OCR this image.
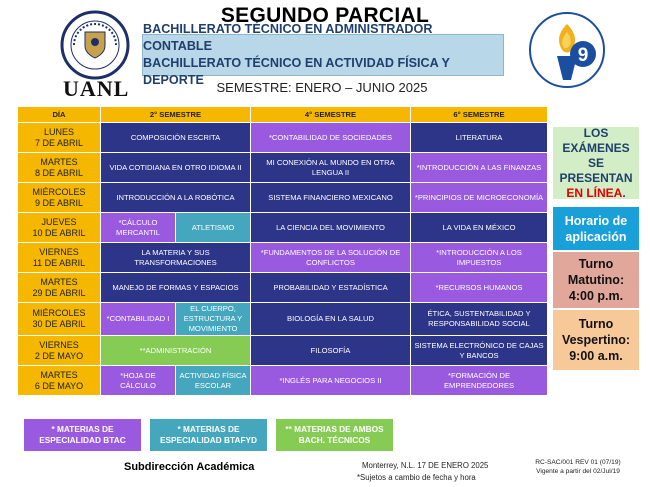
UANL
9
SEGUNDO PARCIAL
BACHILLERATO TÉCNICO EN ADMINISTRADOR CONTABLE
BACHILLERATO TÉCNICO EN ACTIVIDAD FÍSICA Y DEPORTE SEMESTRE: ENERO – JUNIO 2025
DÍA	2° SEMESTRE		4° SEMESTRE	6° SEMESTRE

LUNES
7 DE ABRIL	COMPOSICIÓN ESCRITA		*CONTABILIDAD DE SOCIEDADES	LITERATURA

MARTES
8 DE ABRIL	VIDA COTIDIANA EN OTRO IDIOMA II		MI CONEXIÓN AL MUNDO EN OTRA LENGUA II	*INTRODUCCIÓN A LAS FINANZAS

MIÉRCOLES
9 DE ABRIL	INTRODUCCIÓN A LA ROBÓTICA		SISTEMA FINANCIERO MEXICANO	*PRINCIPIOS DE MICROECONOMÍA

JUEVES
10 DE ABRIL	*CÁLCULO MERCANTIL	ATLETISMO	LA CIENCIA DEL MOVIMIENTO	LA VIDA EN MÉXICO

VIERNES
11 DE ABRIL	LA MATERIA Y SUS TRANSFORMACIONES		*FUNDAMENTOS DE LA SOLUCIÓN DE CONFLICTOS	*INTRODUCCIÓN A LOS IMPUESTOS

MARTES
29 DE ABRIL	MANEJO DE FORMAS Y ESPACIOS		PROBABILIDAD Y ESTADÍSTICA	*RECURSOS HUMANOS

MIÉRCOLES
30 DE ABRIL	*CONTABILIDAD I	EL CUERPO, ESTRUCTURA Y MOVIMIENTO	BIOLOGÍA EN LA SALUD	ÉTICA, SUSTENTABILIDAD Y RESPONSABILIDAD SOCIAL

VIERNES
2 DE MAYO	**ADMINISTRACIÓN		FILOSOFÍA	SISTEMA ELECTRÓNICO DE CAJAS Y BANCOS

MARTES
6 DE MAYO	*HOJA DE CÁLCULO	ACTIVIDAD FÍSICA ESCOLAR	*INGLÉS PARA NEGOCIOS II	*FORMACIÓN DE EMPRENDEDORES
LOS EXÁMENES SE PRESENTAN
EN LÍNEA.
Horario de aplicación
Turno Matutino:
4:00 p.m.
Turno Vespertino:
9:00 a.m.
* MATERIAS DE ESPECIALIDAD BTAC
* MATERIAS DE ESPECIALIDAD BTAFYD
** MATERIAS DE AMBOS BACH. TÉCNICOS
Subdirección Académica	Monterrey, N.L. 17 DE ENERO 2025
*Sujetos a cambio de fecha y hora
RC-SAC/001 REV 01 (07/19)
Vigente a partir del 02/Jul/19
